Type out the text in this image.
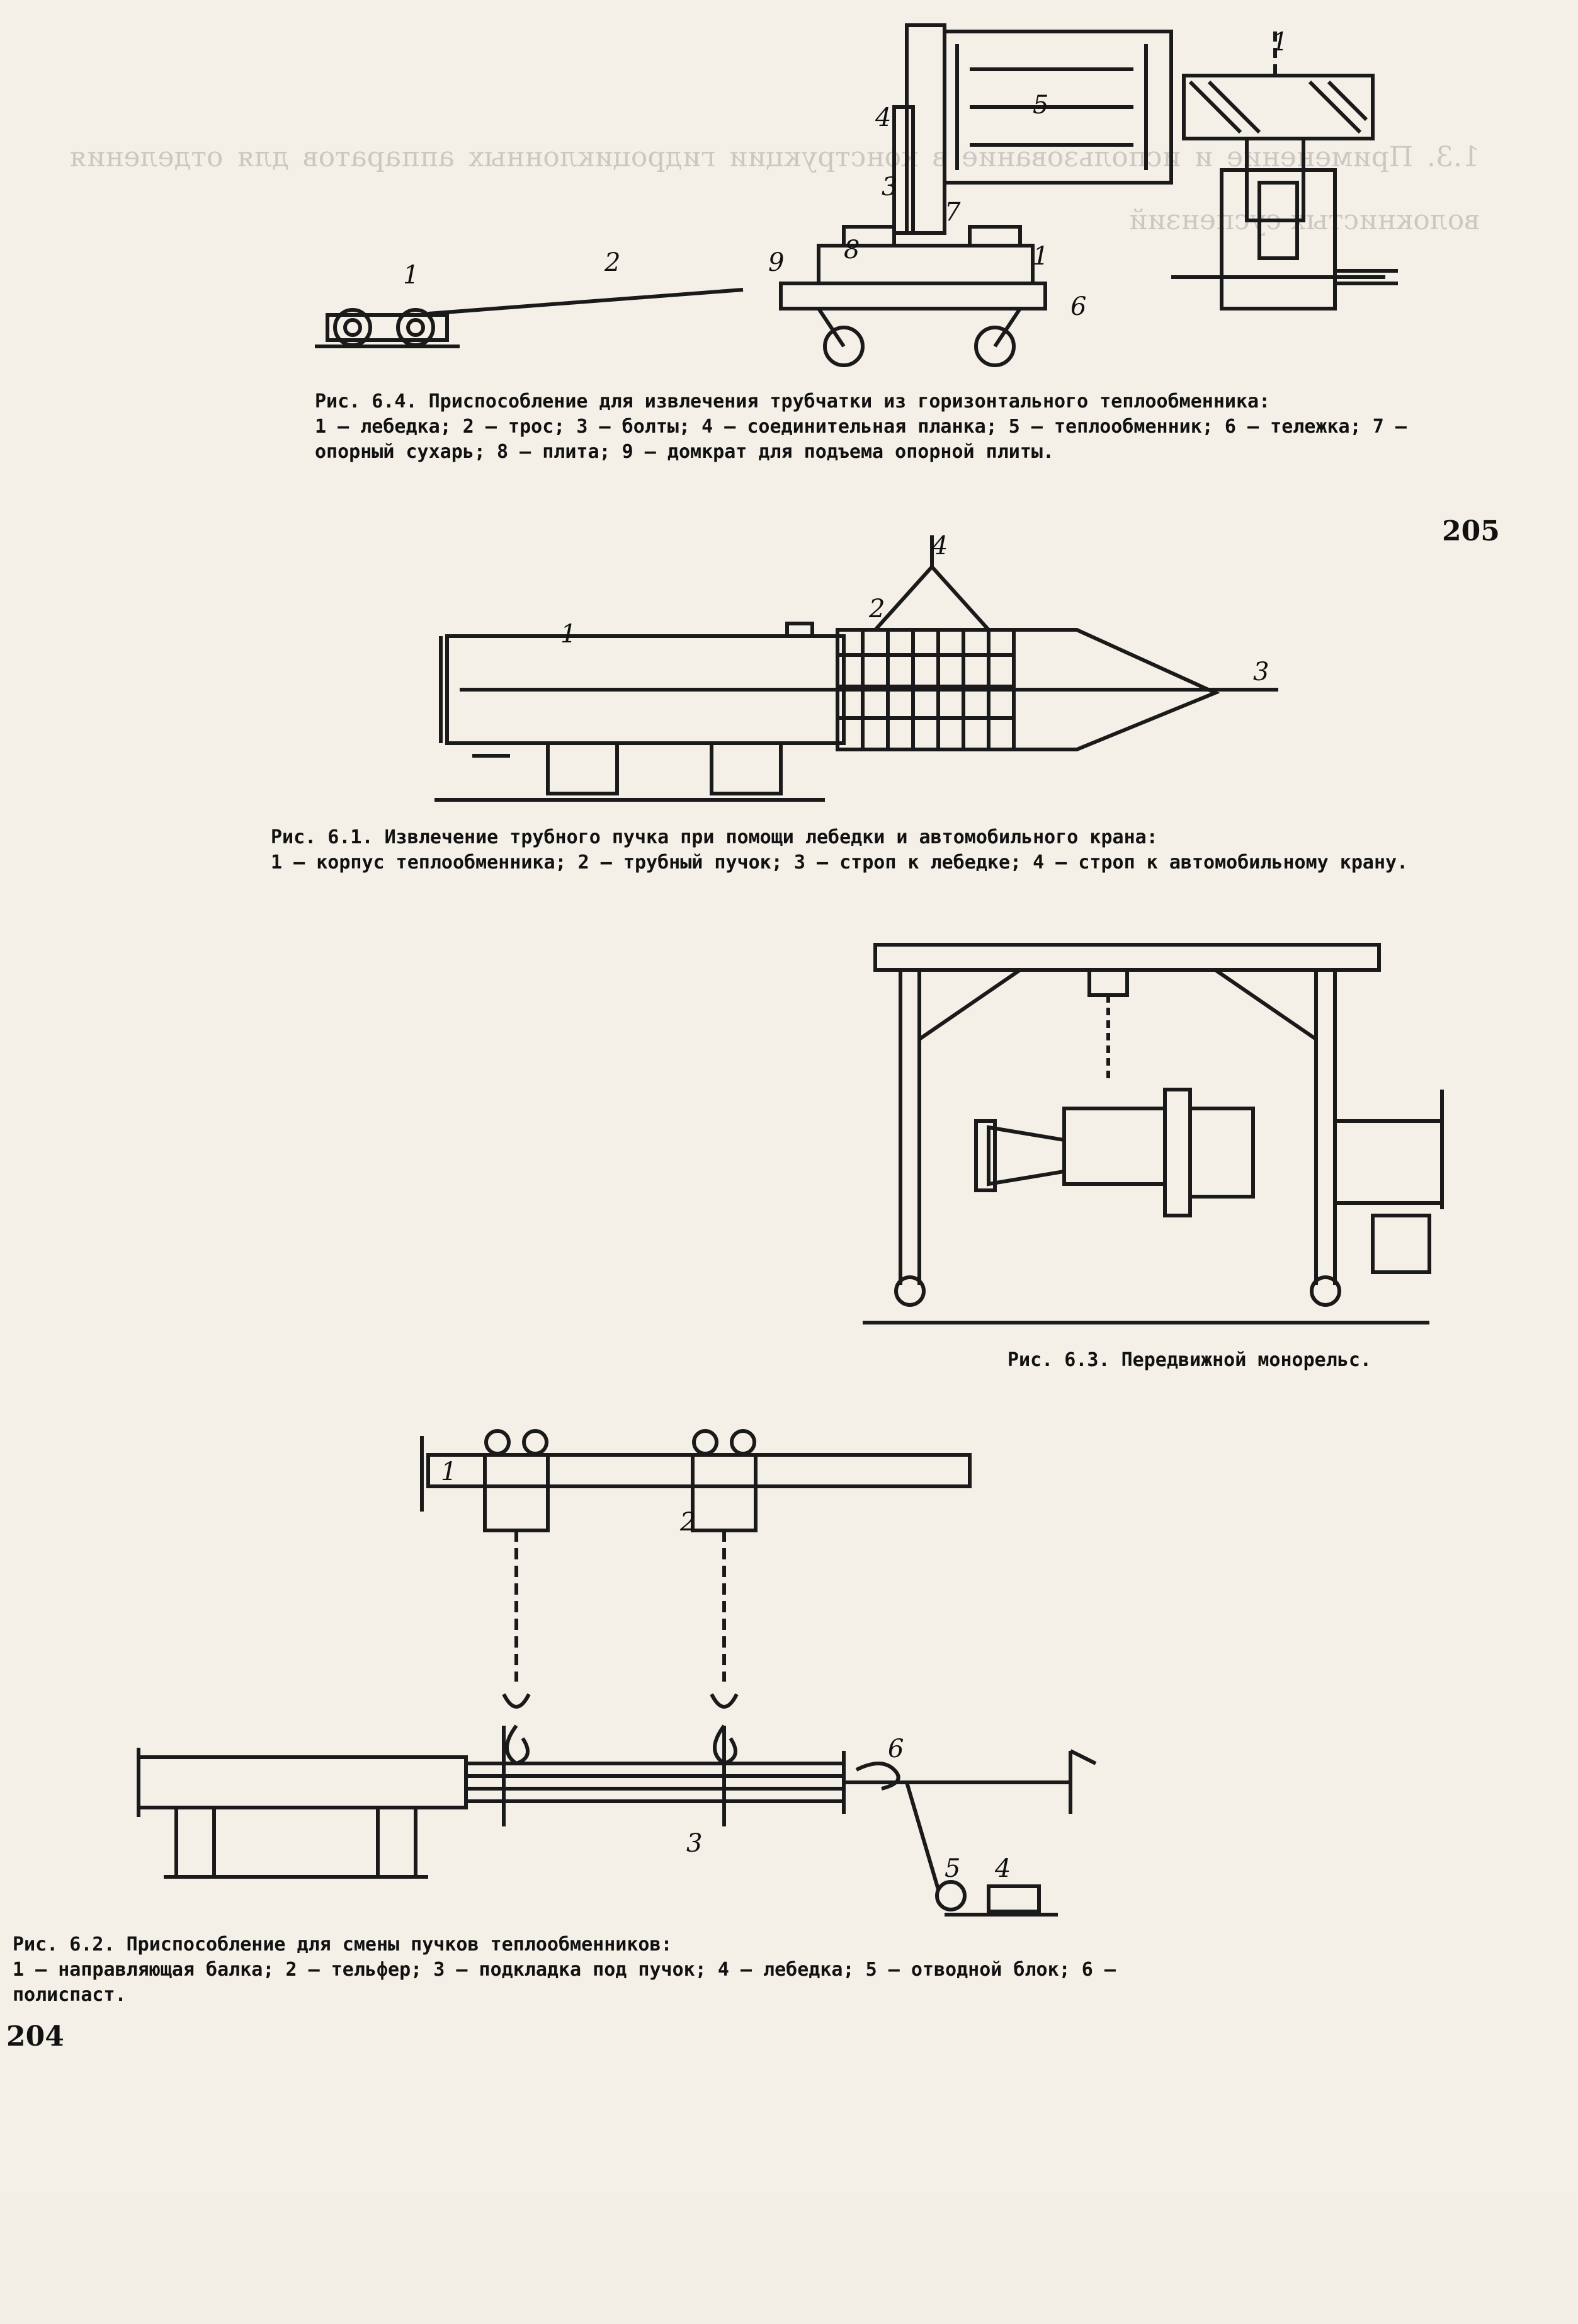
1.3. Применение и использование в конструкции гидроциклонных аппаратов для отделения волокнистых суспензий
1	2
3
4	5
6
7
8
9	1
1
Рис. 6.4. Приспособление для извлечения трубчатки из горизонтального теплообменника:
1 — лебедка; 2 — трос; 3 — болты; 4 — соединительная планка; 5 — теплообменник; 6 — тележка; 7 — опорный сухарь; 8 — плита; 9 — домкрат для подъема опорной плиты.
205
1
2
3
4
Рис. 6.1. Извлечение трубного пучка при помощи лебедки и автомобильного крана:
1 — корпус теплообменника; 2 — трубный пучок; 3 — строп к лебедке; 4 — строп к автомобильному крану.
Рис. 6.3. Передвижной монорельс.
1
2
3
4
5
6
Рис. 6.2. Приспособление для смены пучков теплообменников:
1 — направляющая балка; 2 — тельфер; 3 — подкладка под пучок; 4 — лебедка; 5 — отводной блок; 6 — полиспаст.
204
